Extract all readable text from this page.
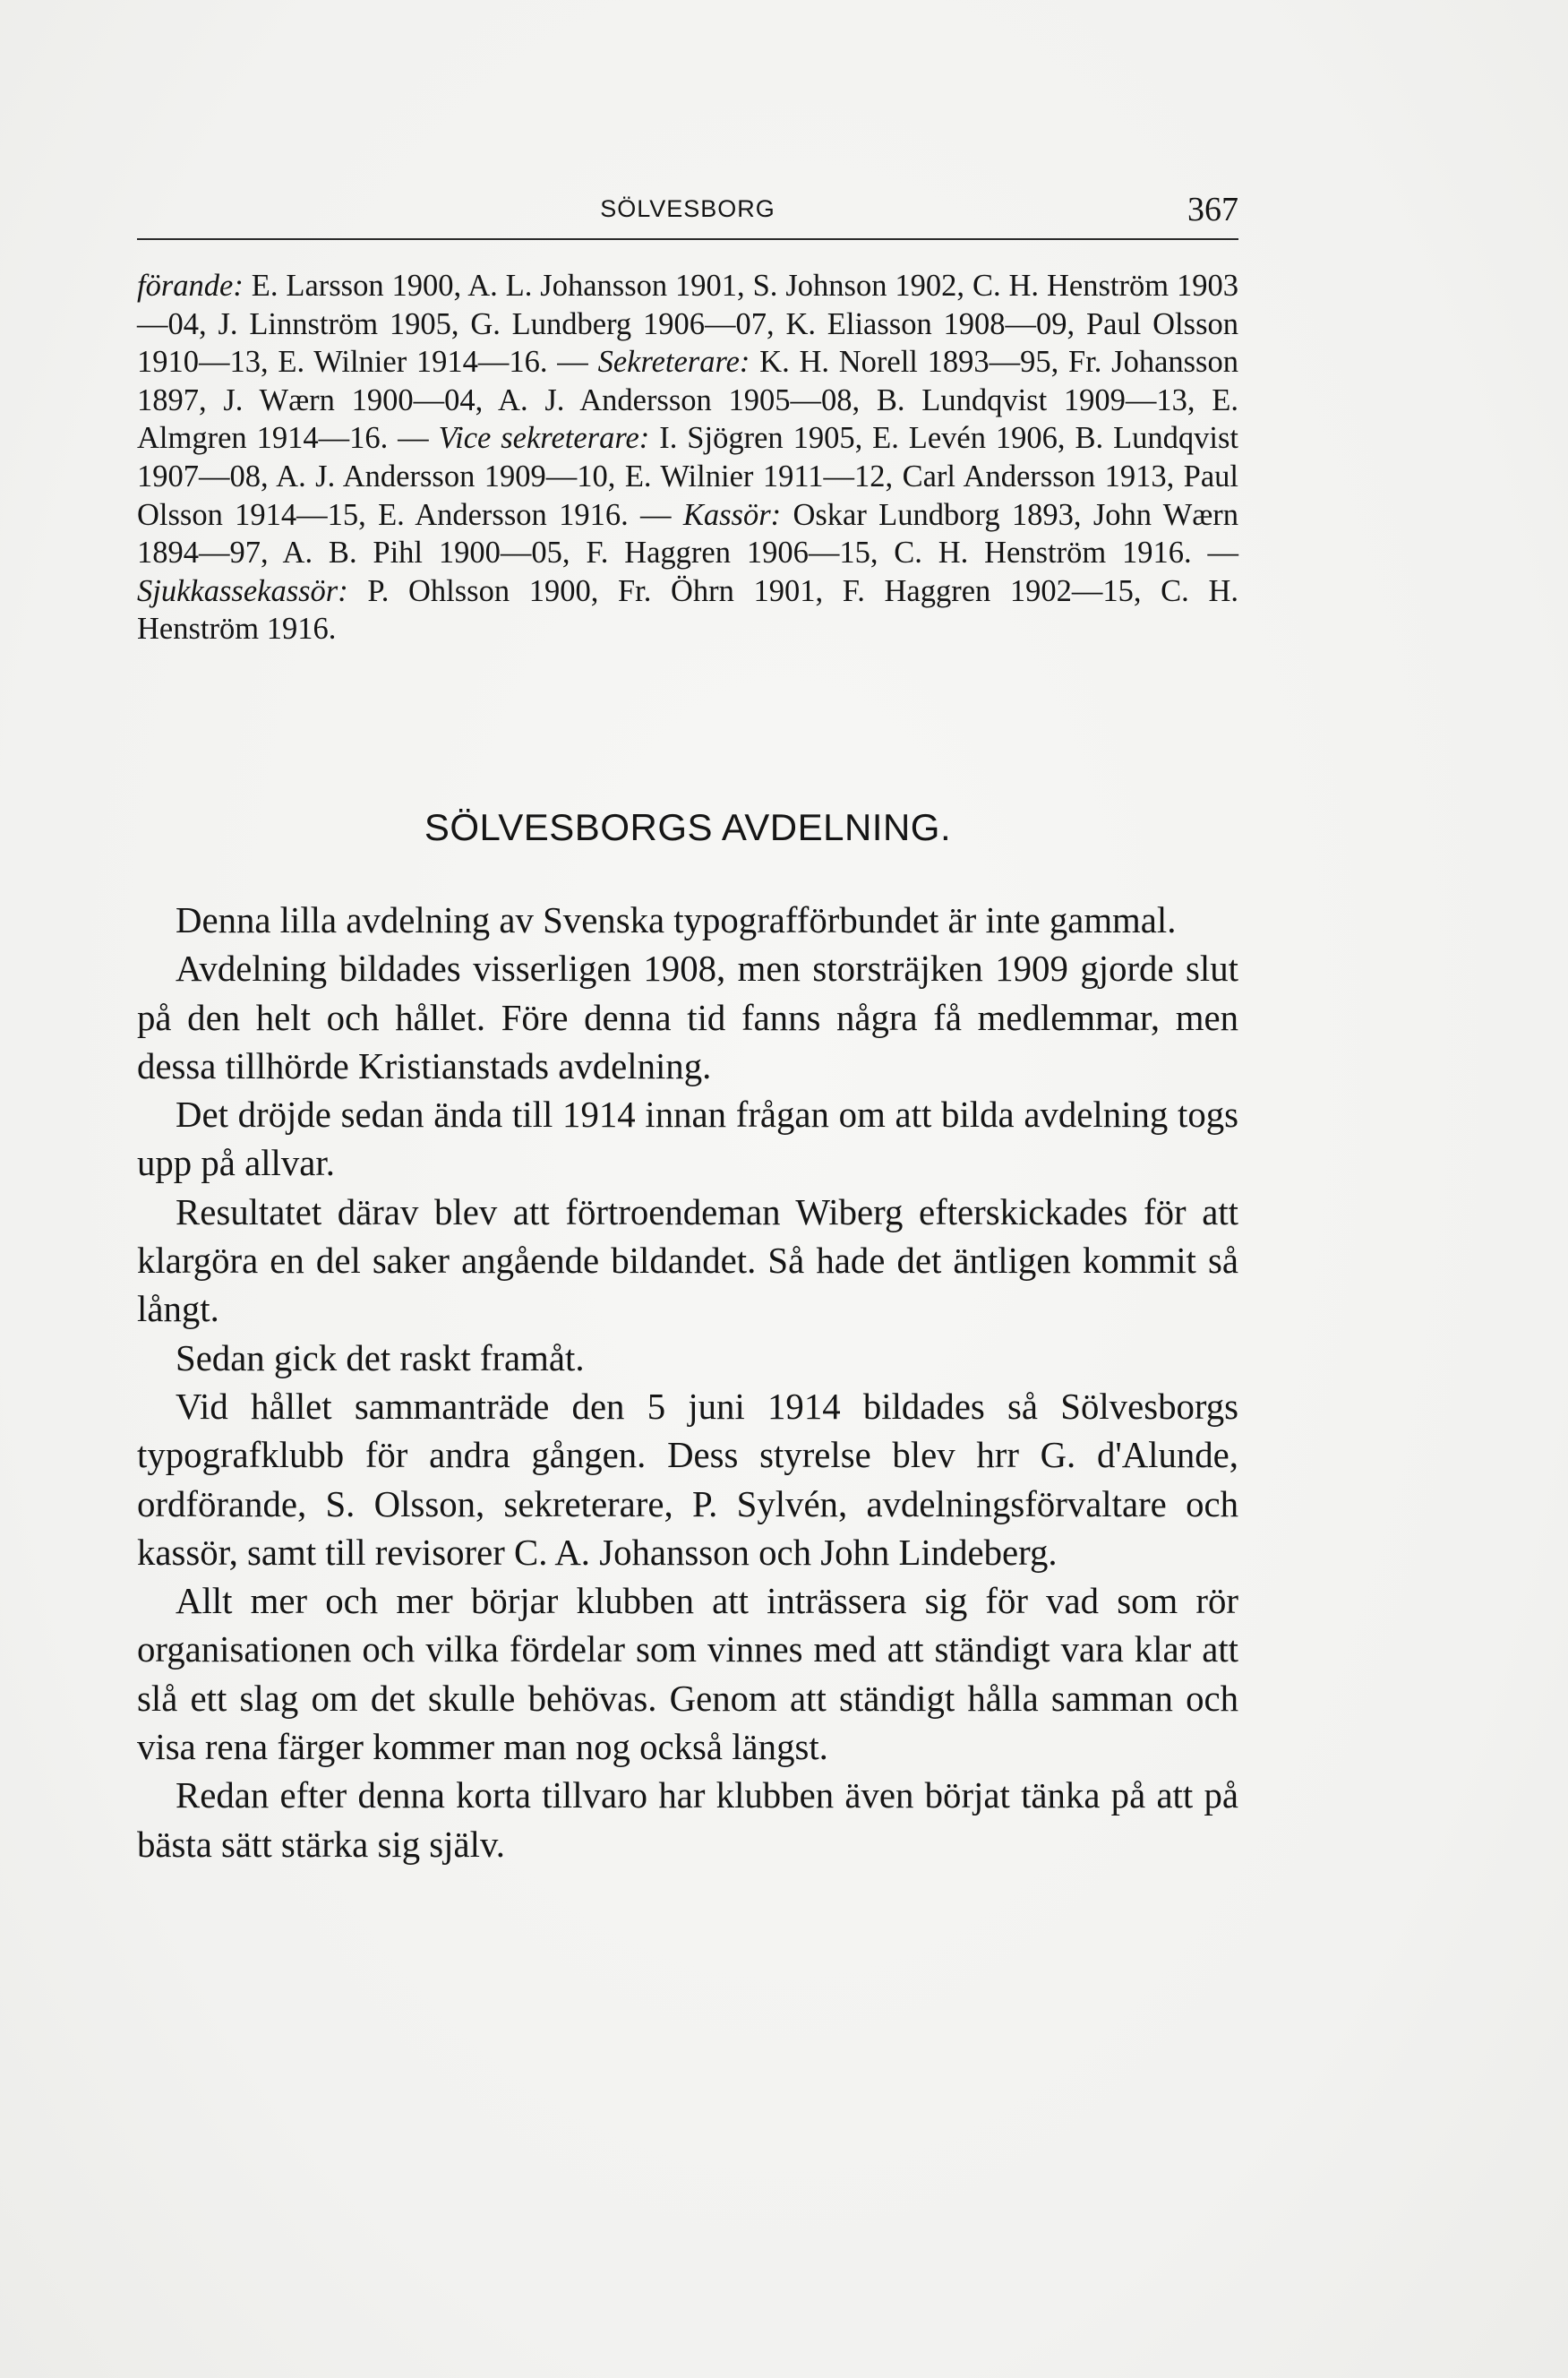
SÖLVESBORG	367
förande: E. Larsson 1900, A. L. Johansson 1901, S. Johnson 1902, C. H. Henström 1903—04, J. Linnström 1905, G. Lundberg 1906—07, K. Eliasson 1908—09, Paul Olsson 1910—13, E. Wilnier 1914—16. — Sekreterare: K. H. Norell 1893—95, Fr. Johansson 1897, J. Wærn 1900—04, A. J. Andersson 1905—08, B. Lundqvist 1909—13, E. Almgren 1914—16. — Vice sekreterare: I. Sjögren 1905, E. Levén 1906, B. Lundqvist 1907—08, A. J. Andersson 1909—10, E. Wilnier 1911—12, Carl Andersson 1913, Paul Olsson 1914—15, E. Andersson 1916. — Kassör: Oskar Lundborg 1893, John Wærn 1894—97, A. B. Pihl 1900—05, F. Haggren 1906—15, C. H. Henström 1916. — Sjukkassekassör: P. Ohlsson 1900, Fr. Öhrn 1901, F. Haggren 1902—15, C. H. Henström 1916.
SÖLVESBORGS AVDELNING.

Denna lilla avdelning av Svenska typografförbundet är inte gammal.

Avdelning bildades visserligen 1908, men storsträjken 1909 gjorde slut på den helt och hållet. Före denna tid fanns några få medlemmar, men dessa tillhörde Kristianstads avdelning.

Det dröjde sedan ända till 1914 innan frågan om att bilda avdelning togs upp på allvar.

Resultatet därav blev att förtroendeman Wiberg efterskickades för att klargöra en del saker angående bildandet. Så hade det äntligen kommit så långt.

Sedan gick det raskt framåt.

Vid hållet sammanträde den 5 juni 1914 bildades så Sölvesborgs typografklubb för andra gången. Dess styrelse blev hrr G. d'Alunde, ordförande, S. Olsson, sekreterare, P. Sylvén, avdelningsförvaltare och kassör, samt till revisorer C. A. Johansson och John Lindeberg.

Allt mer och mer börjar klubben att inträssera sig för vad som rör organisationen och vilka fördelar som vinnes med att ständigt vara klar att slå ett slag om det skulle behövas. Genom att ständigt hålla samman och visa rena färger kommer man nog också längst.

Redan efter denna korta tillvaro har klubben även börjat tänka på att på bästa sätt stärka sig själv.
